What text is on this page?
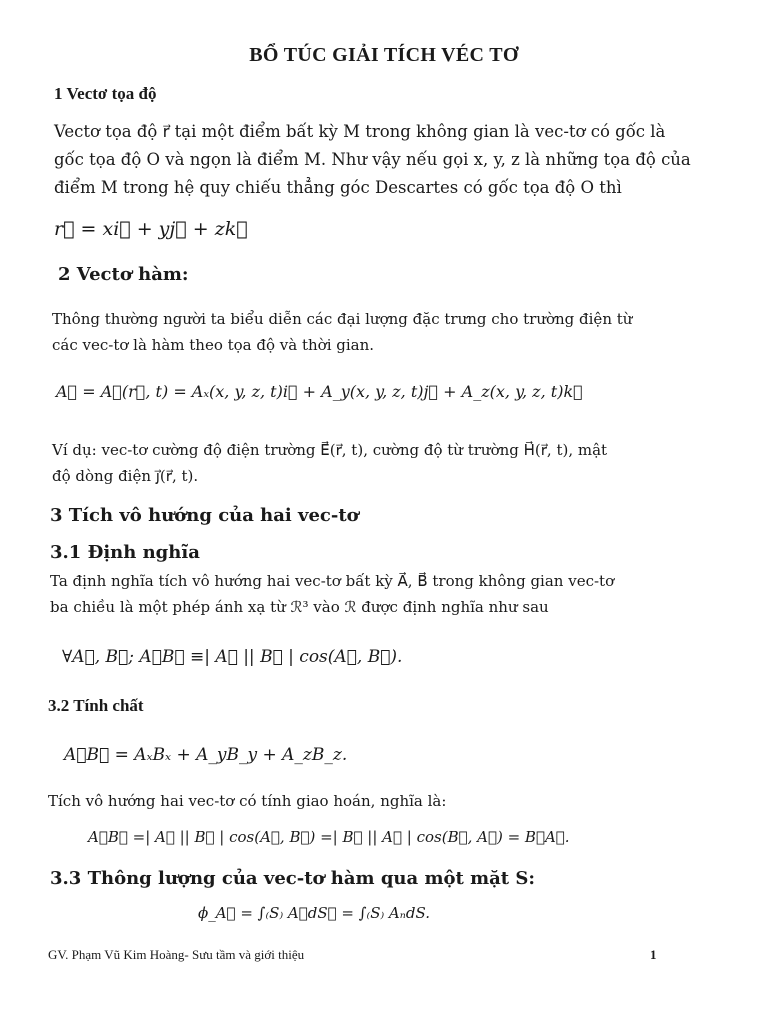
BỔ TÚC GIẢI TÍCH VÉC TƠ
1 Vectơ tọa độ
Vectơ tọa độ r⃗ tại một điểm bất kỳ M trong không gian là vec-tơ có gốc là
gốc tọa độ O và ngọn là điểm M. Như vậy nếu gọi x, y, z là những tọa độ của
điểm M trong hệ quy chiếu thẳng góc Descartes có gốc tọa độ O thì
r⃗ = xi⃗ + yj⃗ + zk⃗
2 Vectơ hàm:
Thông thường người ta biểu diễn các đại lượng đặc trưng cho trường điện từ
các vec-tơ là hàm theo tọa độ và thời gian.
A⃗ = A⃗(r⃗, t) = Aₓ(x, y, z, t)i⃗ + A_y(x, y, z, t)j⃗ + A_z(x, y, z, t)k⃗
Ví dụ: vec-tơ cường độ điện trường E⃗(r⃗, t), cường độ từ trường H⃗(r⃗, t), mật
độ dòng điện j⃗(r⃗, t).
3 Tích vô hướng của hai vec-tơ
3.1 Định nghĩa
Ta định nghĩa tích vô hướng hai vec-tơ bất kỳ A⃗, B⃗ trong không gian vec-tơ
ba chiều là một phép ánh xạ từ ℛ³ vào ℛ được định nghĩa như sau
∀A⃗, B⃗; A⃗B⃗ ≡| A⃗ || B⃗ | cos(A⃗, B⃗).
3.2 Tính chất
A⃗B⃗ = AₓBₓ + A_yB_y + A_zB_z.
Tích vô hướng hai vec-tơ có tính giao hoán, nghĩa là:
A⃗B⃗ =| A⃗ || B⃗ | cos(A⃗, B⃗) =| B⃗ || A⃗ | cos(B⃗, A⃗) = B⃗A⃗.
3.3 Thông lượng của vec-tơ hàm qua một mặt S:
ϕ_A⃗ = ∫₍S₎ A⃗dS⃗ = ∫₍S₎ AₙdS.
GV. Phạm Vũ Kim Hoàng- Sưu tầm và giới thiệu	1
